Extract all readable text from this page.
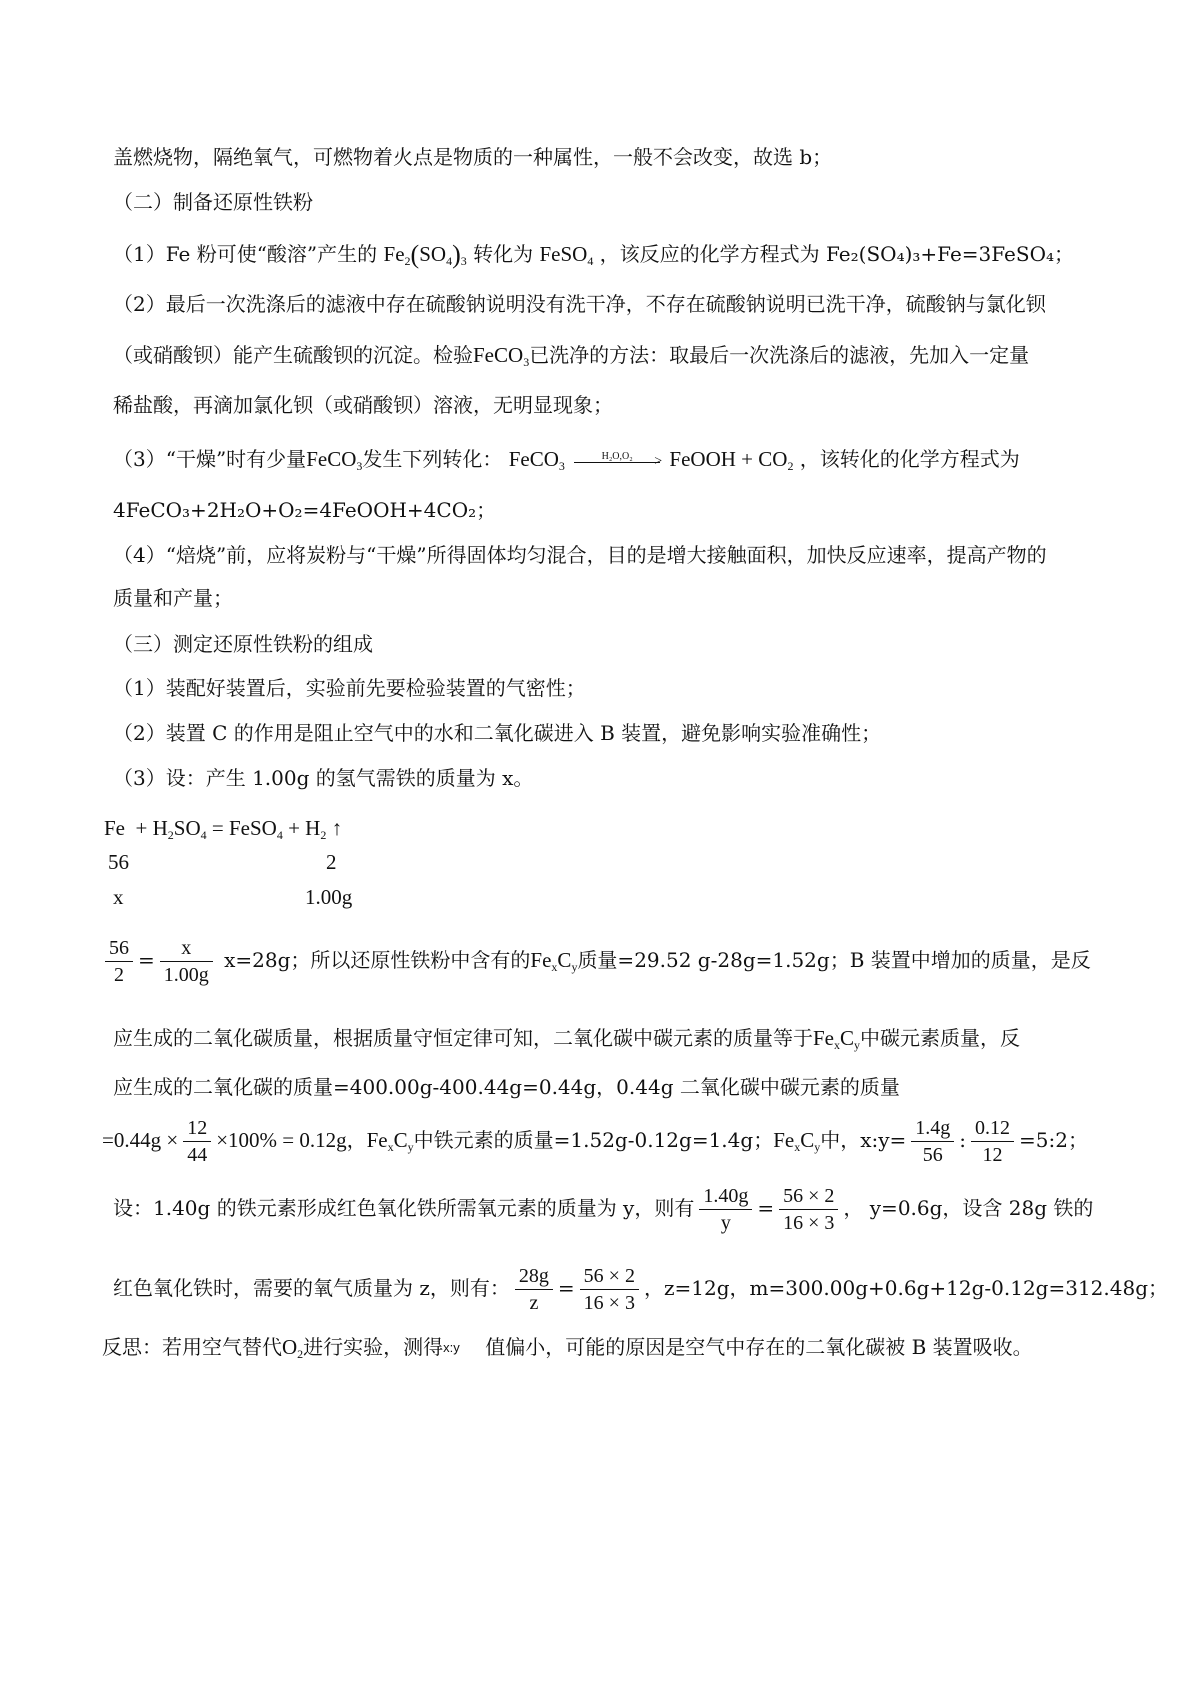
盖燃烧物，隔绝氧气，可燃物着火点是物质的一种属性，一般不会改变，故选 b；
（二）制备还原性铁粉
（1）Fe 粉可使“酸溶”产生的 $Fe_2(SO_4)_3$ 转化为 FeSO$_4$ ，该反应的化学方程式为 Fe₂(SO₄)₃+Fe=3FeSO₄；
（2）最后一次洗涤后的滤液中存在硫酸钠说明没有洗干净，不存在硫酸钠说明已洗干净，硫酸钠与氯化钡
（或硝酸钡）能产生硫酸钡的沉淀。检验FeCO$_3$已洗净的方法：取最后一次洗涤后的滤液，先加入一定量
稀盐酸，再滴加氯化钡（或硝酸钡）溶液，无明显现象；
（3）“干燥”时有少量FeCO$_3$发生下列转化： FeCO$_3$
H₂O,O₂	> FeOOH + $CO_2$ ，该转化的化学方程式为
4FeCO₃+2H₂O+O₂=4FeOOH+4CO₂；
（4）“焙烧”前，应将炭粉与“干燥”所得固体均匀混合，目的是增大接触面积，加快反应速率，提高产物的
质量和产量；
（三）测定还原性铁粉的组成
（1）装配好装置后，实验前先要检验装置的气密性；
（2）装置 C 的作用是阻止空气中的水和二氧化碳进入 B 装置，避免影响实验准确性；
（3）设：产生 1.00g 的氢气需铁的质量为 x。
$Fe + H_2SO_4$ = FeSO$_4$ + $H_2$ ↑
56	2
x	1.00g
$\frac{56}{2} = \frac{x}{1.00g} x=28g$；所以还原性铁粉中含有的$Fe_xC_y$质量=29.52 g-28g=1.52g；B 装置中增加的质量，是反
应生成的二氧化碳质量，根据质量守恒定律可知，二氧化碳中碳元素的质量等于$Fe_xC_y$中碳元素质量，反
应生成的二氧化碳的质量=400.00g-400.44g=0.44g，0.44g 二氧化碳中碳元素的质量
$=0.44g \times \frac{12}{44} \times 100\% = 0.12g$，$Fe_xC_y$中铁元素的质量=1.52g-0.12g=1.4g；$Fe_xC_y$中，x:y= $\frac{1.4g}{56}$ : $\frac{0.12}{12}$ =5:2；
设：1.40g 的铁元素形成红色氧化铁所需氧元素的质量为 y，则有 $\frac{1.40g}{y} = \frac{56 \times 2}{16 \times 3}$ ， y=0.6g，设含 28g 铁的
红色氧化铁时，需要的氧气质量为 z，则有： $\frac{28g}{z} = \frac{56 \times 2}{16 \times 3}$ ，z=12g，m=300.00g+0.6g+12g-0.12g=312.48g；
反思：若用空气替代$O_2$进行实验，测得x:y 值偏小，可能的原因是空气中存在的二氧化碳被 B 装置吸收。
